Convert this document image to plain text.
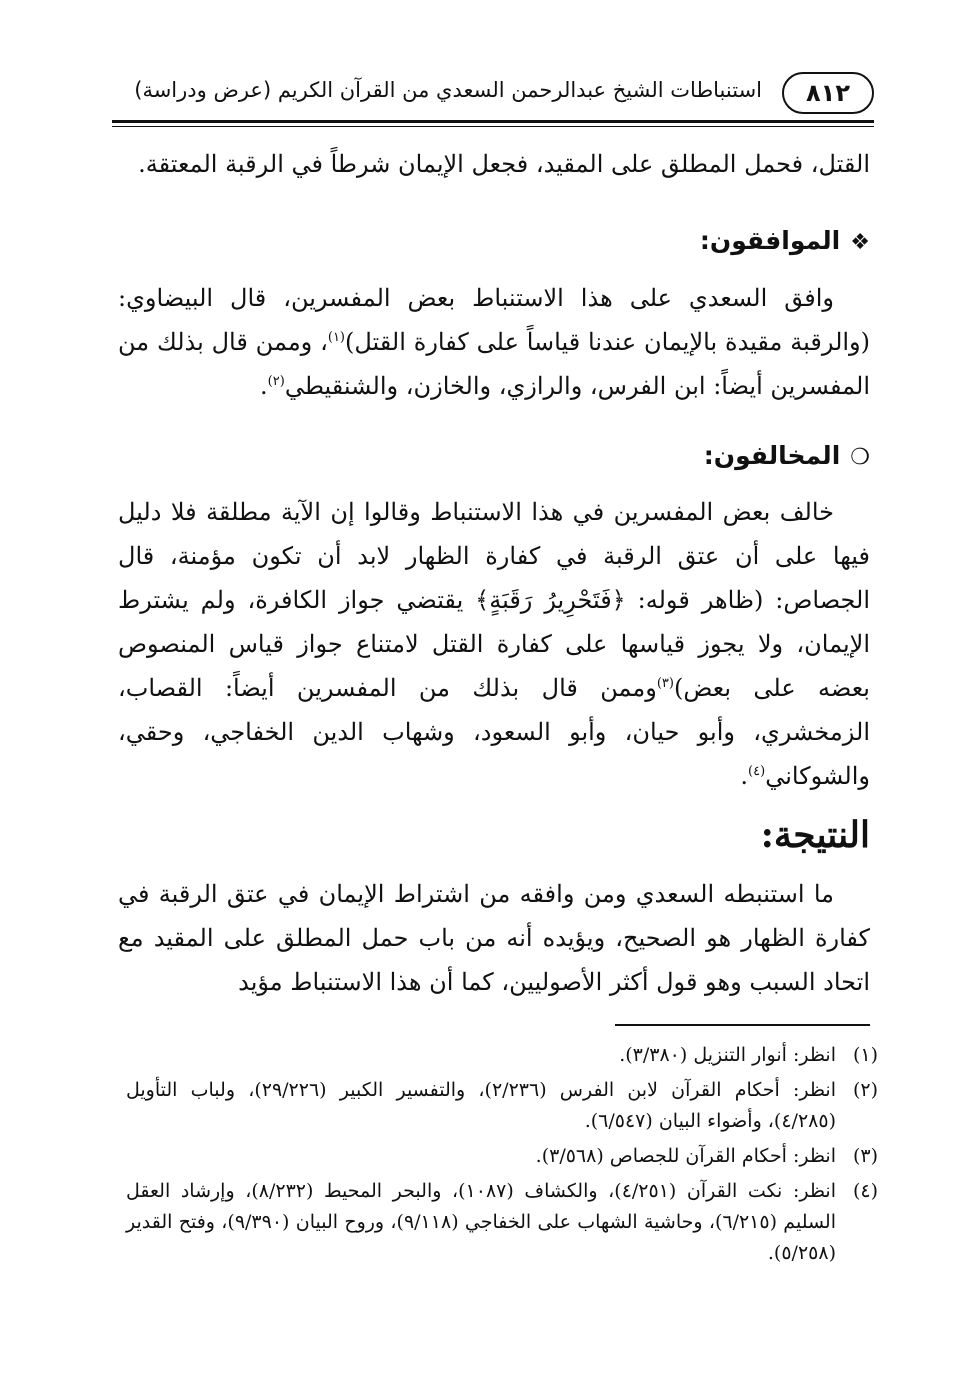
٨١٢
استنباطات الشيخ عبدالرحمن السعدي من القرآن الكريم (عرض ودراسة)

القتل، فحمل المطلق على المقيد، فجعل الإيمان شرطاً في الرقبة المعتقة.

❖الموافقون:

وافق السعدي على هذا الاستنباط بعض المفسرين، قال البيضاوي: (والرقبة مقيدة بالإيمان عندنا قياساً على كفارة القتل)$^{(١)}$، وممن قال بذلك من المفسرين أيضاً: ابن الفرس، والرازي، والخازن، والشنقيطي$^{(٢)}$.

❍المخالفون:

خالف بعض المفسرين في هذا الاستنباط وقالوا إن الآية مطلقة فلا دليل فيها على أن عتق الرقبة في كفارة الظهار لابد أن تكون مؤمنة، قال الجصاص: (ظاهر قوله: ﴿فَتَحْرِيرُ رَقَبَةٍ﴾ يقتضي جواز الكافرة، ولم يشترط الإيمان، ولا يجوز قياسها على كفارة القتل لامتناع جواز قياس المنصوص بعضه على بعض)$^{(٣)}$وممن قال بذلك من المفسرين أيضاً: القصاب، الزمخشري، وأبو حيان، وأبو السعود، وشهاب الدين الخفاجي، وحقي، والشوكاني$^{(٤)}$.

النتيجة:

ما استنبطه السعدي ومن وافقه من اشتراط الإيمان في عتق الرقبة في كفارة الظهار هو الصحيح، ويؤيده أنه من باب حمل المطلق على المقيد مع اتحاد السبب وهو قول أكثر الأصوليين، كما أن هذا الاستنباط مؤيد

(١)
انظر: أنوار التنزيل (٣/٣٨٠).
(٢)
انظر: أحكام القرآن لابن الفرس (٢/٢٣٦)، والتفسير الكبير (٢٩/٢٢٦)، ولباب التأويل (٤/٢٨٥)، وأضواء البيان (٦/٥٤٧).
(٣)
انظر: أحكام القرآن للجصاص (٣/٥٦٨).
(٤)
انظر: نكت القرآن (٤/٢٥١)، والكشاف (١٠٨٧)، والبحر المحيط (٨/٢٣٢)، وإرشاد العقل السليم (٦/٢١٥)، وحاشية الشهاب على الخفاجي (٩/١١٨)، وروح البيان (٩/٣٩٠)، وفتح القدير (٥/٢٥٨).
